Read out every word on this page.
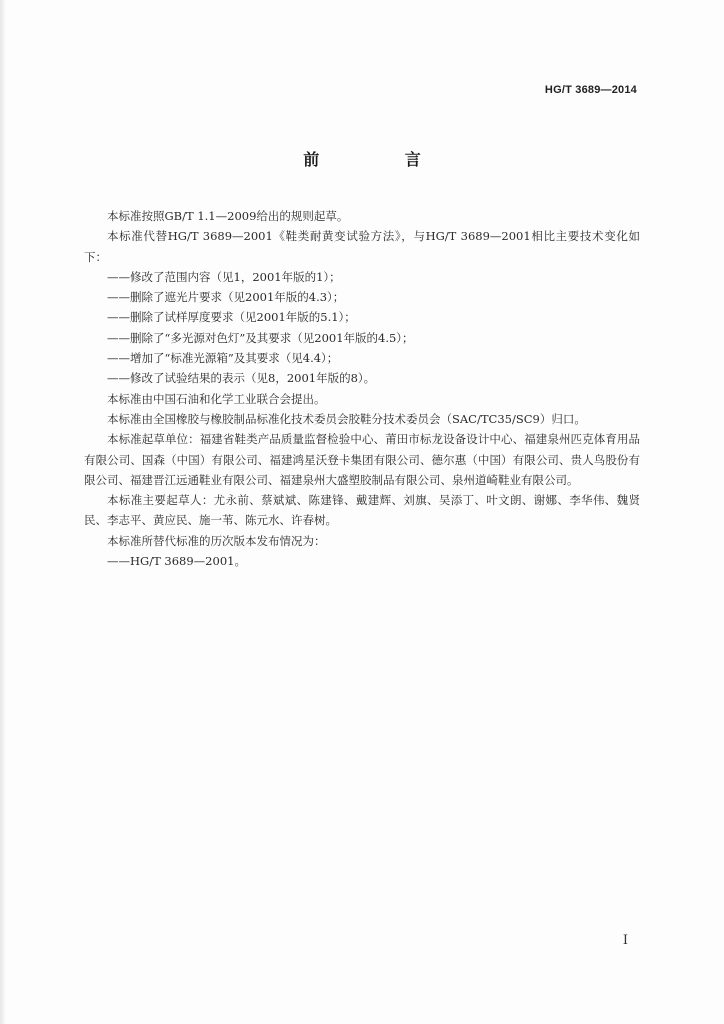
HG/T 3689—2014
前 言

本标准按照GB/T 1.1—2009给出的规则起草。

本标准代替HG/T 3689—2001《鞋类耐黄变试验方法》，与HG/T 3689—2001相比主要技术变化如下：

——修改了范围内容（见1，2001年版的1）；

——删除了遮光片要求（见2001年版的4.3）；

——删除了试样厚度要求（见2001年版的5.1）；

——删除了“多光源对色灯”及其要求（见2001年版的4.5）；

——增加了“标准光源箱”及其要求（见4.4）；

——修改了试验结果的表示（见8，2001年版的8）。

本标准由中国石油和化学工业联合会提出。

本标准由全国橡胶与橡胶制品标准化技术委员会胶鞋分技术委员会（SAC/TC35/SC9）归口。

本标准起草单位：福建省鞋类产品质量监督检验中心、莆田市标龙设备设计中心、福建泉州匹克体育用品有限公司、国森（中国）有限公司、福建鸿星沃登卡集团有限公司、德尔惠（中国）有限公司、贵人鸟股份有限公司、福建晋江远通鞋业有限公司、福建泉州大盛塑胶制品有限公司、泉州道崎鞋业有限公司。

本标准主要起草人：尤永前、蔡斌斌、陈建锋、戴建辉、刘旗、吴添丁、叶文朗、谢娜、李华伟、魏贤民、李志平、黄应民、施一苇、陈元水、许春树。

本标准所替代标准的历次版本发布情况为：

——HG/T 3689—2001。

I
